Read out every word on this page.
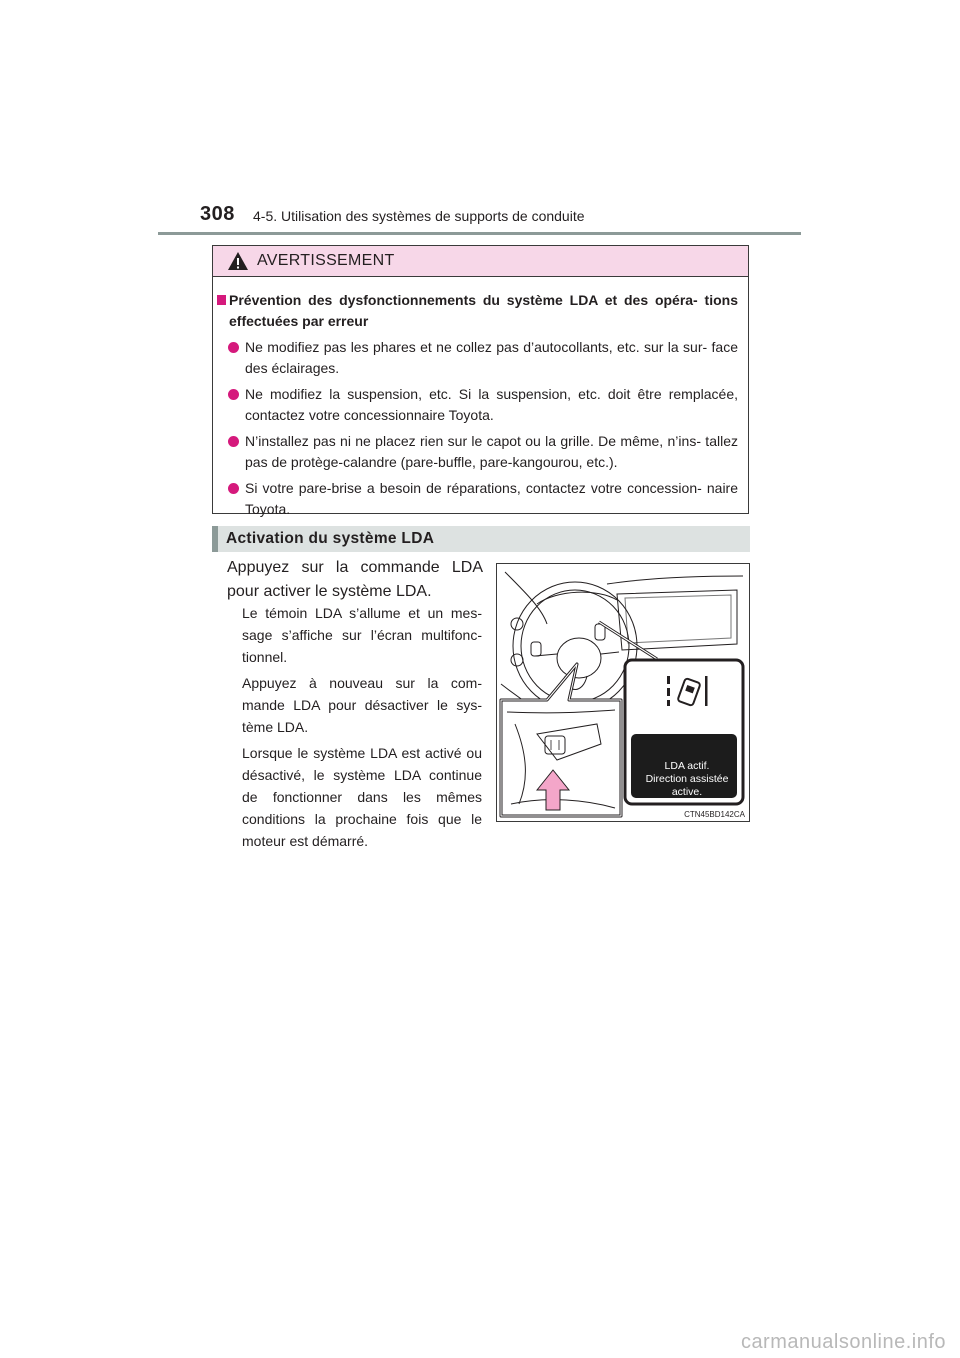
308 4-5. Utilisation des systèmes de supports de conduite
AVERTISSEMENT
Prévention des dysfonctionnements du système LDA et des opéra- tions effectuées par erreur
Ne modifiez pas les phares et ne collez pas d’autocollants, etc. sur la sur- face des éclairages.
Ne modifiez la suspension, etc. Si la suspension, etc. doit être remplacée, contactez votre concessionnaire Toyota.
N’installez pas ni ne placez rien sur le capot ou la grille. De même, n’ins- tallez pas de protège-calandre (pare-buffle, pare-kangourou, etc.).
Si votre pare-brise a besoin de réparations, contactez votre concession- naire Toyota.
Activation du système LDA
Appuyez sur la commande LDA pour activer le système LDA.
Le témoin LDA s’allume et un mes- sage s’affiche sur l’écran multifonc- tionnel.
Appuyez à nouveau sur la com- mande LDA pour désactiver le sys- tème LDA.
Lorsque le système LDA est activé ou désactivé, le système LDA continue de fonctionner dans les mêmes conditions la prochaine fois que le moteur est démarré.
LDA actif.
Direction assistée
active.
CTN45BD142CA
carmanualsonline.info
